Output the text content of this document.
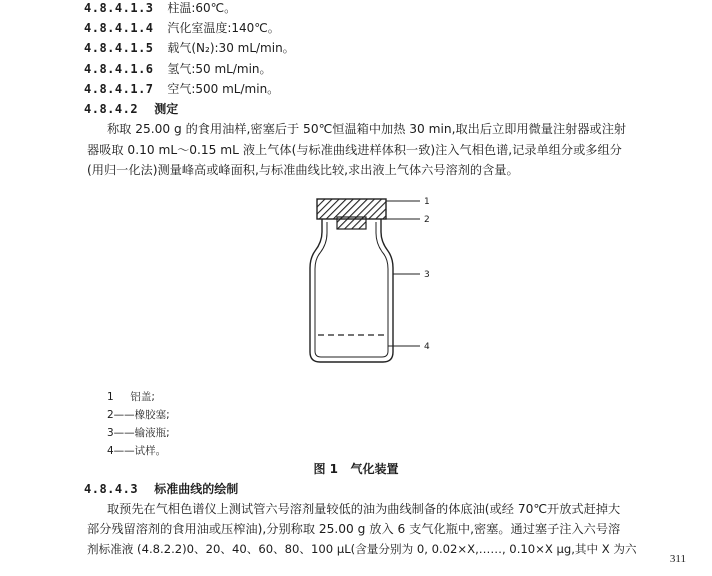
4.8.4.1.3 柱温:60℃。
4.8.4.1.4 汽化室温度:140℃。
4.8.4.1.5 载气(N₂):30 mL/min。
4.8.4.1.6 氢气:50 mL/min。
4.8.4.1.7 空气:500 mL/min。
4.8.4.2 测定
称取 25.00 g 的食用油样,密塞后于 50℃恒温箱中加热 30 min,取出后立即用微量注射器或注射
器吸取 0.10 mL～0.15 mL 液上气体(与标准曲线进样体积一致)注入气相色谱,记录单组分或多组分
(用归一化法)测量峰高或峰面积,与标准曲线比较,求出液上气体六号溶剂的含量。
1
2
3
4
1     铝盖;
2——橡胶塞;
3——输液瓶;
4——试样。
图 1   气化装置
4.8.4.3 标准曲线的绘制
取预先在气相色谱仪上测试管六号溶剂量较低的油为曲线制备的体底油(或经 70℃开放式赶掉大
部分残留溶剂的食用油或压榨油),分别称取 25.00 g 放入 6 支气化瓶中,密塞。通过塞子注入六号溶
剂标准液 (4.8.2.2)0、20、40、60、80、100 μL(含量分别为 0, 0.02×X,……, 0.10×X μg,其中 X 为六
311
